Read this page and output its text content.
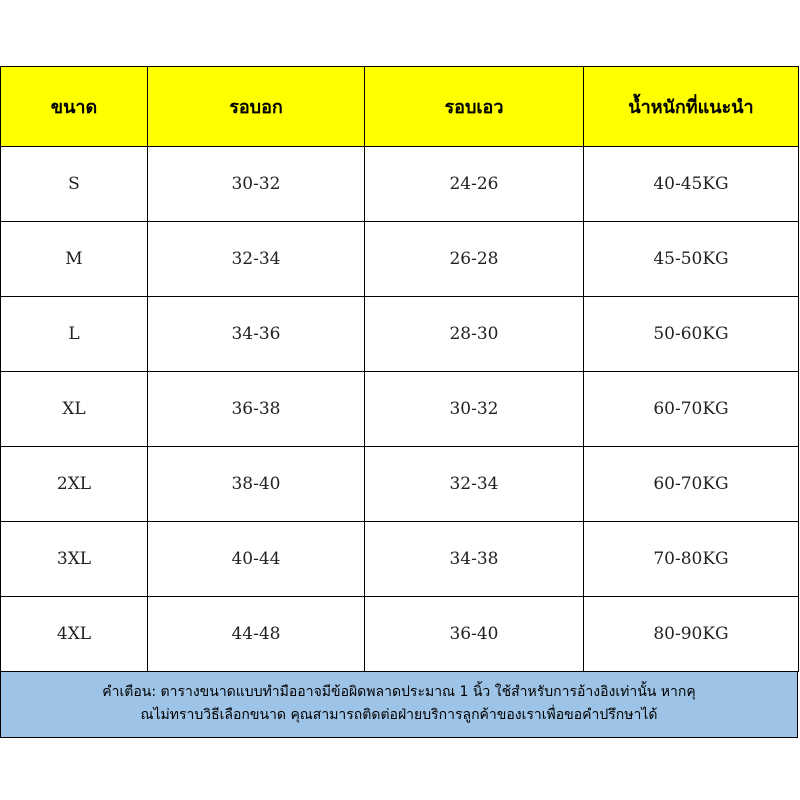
ขนาด	รอบอก	รอบเอว	น้ำหนักที่แนะนำ
S	30-32	24-26	40-45KG
M	32-34	26-28	45-50KG
L	34-36	28-30	50-60KG
XL	36-38	30-32	60-70KG
2XL	38-40	32-34	60-70KG
3XL	40-44	34-38	70-80KG
4XL	44-48	36-40	80-90KG
คำเตือน: ตารางขนาดแบบทำมืออาจมีข้อผิดพลาดประมาณ 1 นิ้ว ใช้สำหรับการอ้างอิงเท่านั้น หากคุ
ณไม่ทราบวิธีเลือกขนาด คุณสามารถติดต่อฝ่ายบริการลูกค้าของเราเพื่อขอคำปรึกษาได้
